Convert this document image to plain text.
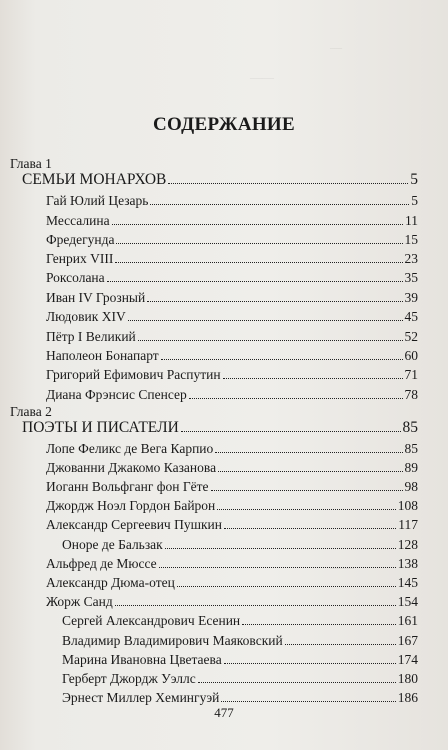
—
——
——
СОДЕРЖАНИЕ
Глава 1
СЕМЬИ МОНАРХОВ	5
Гай Юлий Цезарь	5
Мессалина	11
Фредегунда	15
Генрих VIII	23
Роксолана	35
Иван IV Грозный	39
Людовик XIV	45
Пётр I Великий	52
Наполеон Бонапарт	60
Григорий Ефимович Распутин	71
Диана Фрэнсис Спенсер	78
Глава 2
ПОЭТЫ И ПИСАТЕЛИ	85
Лопе Феликс де Вега Карпио	85
Джованни Джакомо Казанова	89
Иоганн Вольфганг фон Гёте	98
Джордж Ноэл Гордон Байрон	108
Александр Сергеевич Пушкин	117
Оноре де Бальзак	128
Альфред де Мюссе	138
Александр Дюма-отец	145
Жорж Санд	154
Сергей Александрович Есенин	161
Владимир Владимирович Маяковский	167
Марина Ивановна Цветаева	174
Герберт Джордж Уэллс	180
Эрнест Миллер Хемингуэй	186
477
